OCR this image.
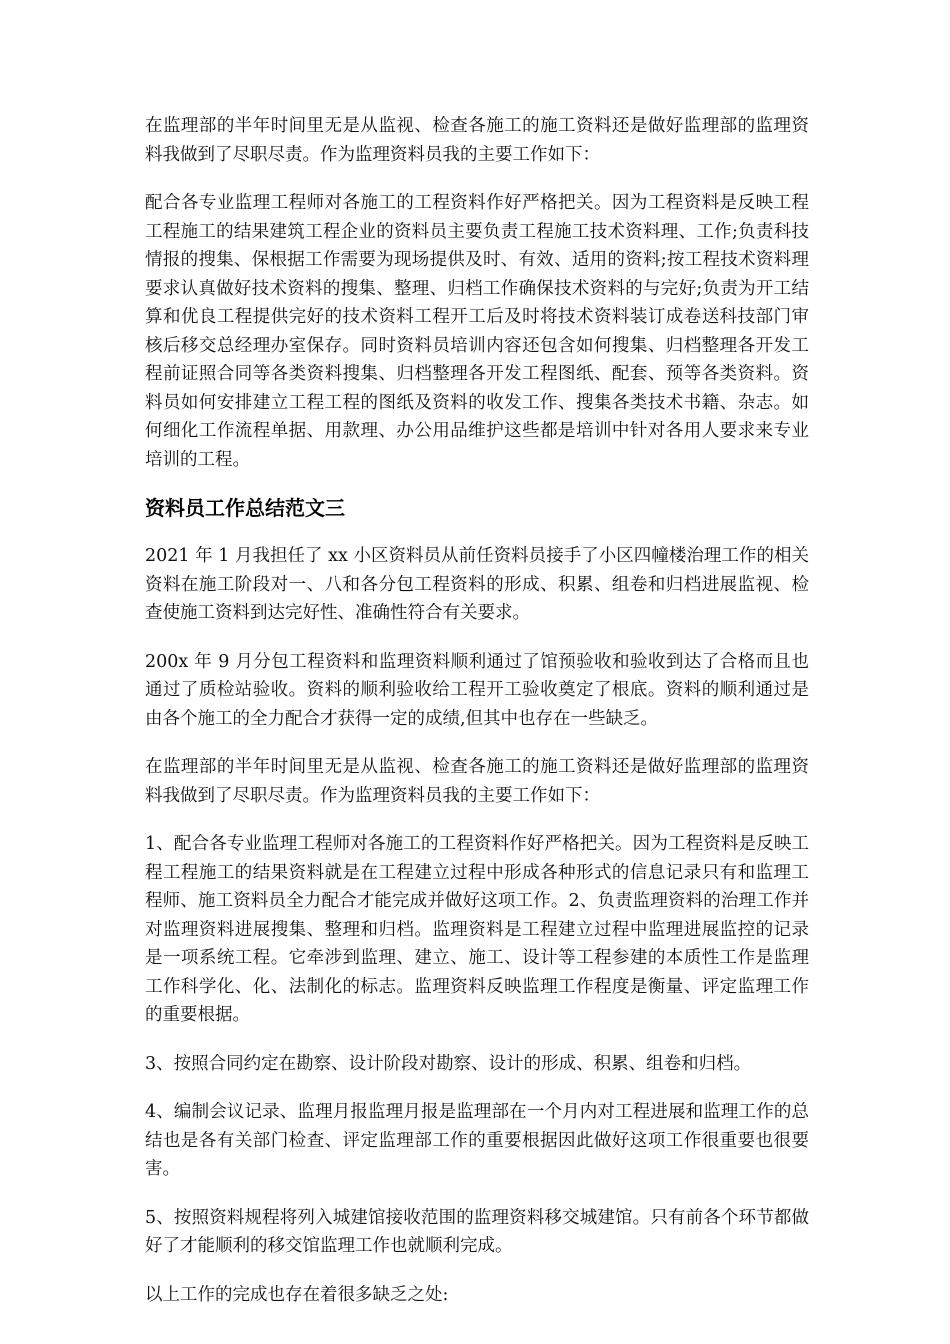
在监理部的半年时间里无是从监视、检查各施工的施工资料还是做好监理部的监理资料我做到了尽职尽责。作为监理资料员我的主要工作如下：

配合各专业监理工程师对各施工的工程资料作好严格把关。因为工程资料是反映工程工程施工的结果建筑工程企业的资料员主要负责工程施工技术资料理、工作;负责科技情报的搜集、保根据工作需要为现场提供及时、有效、适用的资料;按工程技术资料理要求认真做好技术资料的搜集、整理、归档工作确保技术资料的与完好;负责为开工结算和优良工程提供完好的技术资料工程开工后及时将技术资料装订成卷送科技部门审核后移交总经理办室保存。同时资料员培训内容还包含如何搜集、归档整理各开发工程前证照合同等各类资料搜集、归档整理各开发工程图纸、配套、预等各类资料。资料员如何安排建立工程工程的图纸及资料的收发工作、搜集各类技术书籍、杂志。如何细化工作流程单据、用款理、办公用品维护这些都是培训中针对各用人要求来专业培训的工程。

资料员工作总结范文三

2021 年 1 月我担任了 xx 小区资料员从前任资料员接手了小区四幢楼治理工作的相关资料在施工阶段对一、八和各分包工程资料的形成、积累、组卷和归档进展监视、检查使施工资料到达完好性、准确性符合有关要求。

200x 年 9 月分包工程资料和监理资料顺利通过了馆预验收和验收到达了合格而且也通过了质检站验收。资料的顺利验收给工程开工验收奠定了根底。资料的顺利通过是由各个施工的全力配合才获得一定的成绩,但其中也存在一些缺乏。

在监理部的半年时间里无是从监视、检查各施工的施工资料还是做好监理部的监理资料我做到了尽职尽责。作为监理资料员我的主要工作如下：

1、配合各专业监理工程师对各施工的工程资料作好严格把关。因为工程资料是反映工程工程施工的结果资料就是在工程建立过程中形成各种形式的信息记录只有和监理工程师、施工资料员全力配合才能完成并做好这项工作。2、负责监理资料的治理工作并对监理资料进展搜集、整理和归档。监理资料是工程建立过程中监理进展监控的记录是一项系统工程。它牵涉到监理、建立、施工、设计等工程参建的本质性工作是监理工作科学化、化、法制化的标志。监理资料反映监理工作程度是衡量、评定监理工作的重要根据。

3、按照合同约定在勘察、设计阶段对勘察、设计的形成、积累、组卷和归档。

4、编制会议记录、监理月报监理月报是监理部在一个月内对工程进展和监理工作的总结也是各有关部门检查、评定监理部工作的重要根据因此做好这项工作很重要也很要害。

5、按照资料规程将列入城建馆接收范围的监理资料移交城建馆。只有前各个环节都做好了才能顺利的移交馆监理工作也就顺利完成。

以上工作的完成也存在着很多缺乏之处:
